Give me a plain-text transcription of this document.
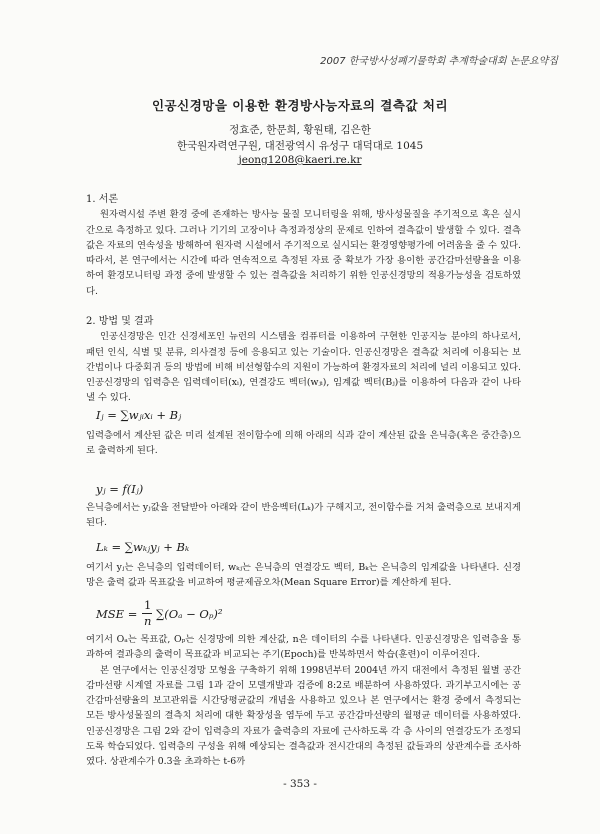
2007 한국방사성폐기물학회 추계학술대회 논문요약집
인공신경망을 이용한 환경방사능자료의 결측값 처리
정효준, 한문희, 황원태, 김은한
한국원자력연구원, 대전광역시 유성구 대덕대로 1045
jeong1208@kaeri.re.kr
1. 서론

원자력시설 주변 환경 중에 존재하는 방사능 물질 모니터링을 위해, 방사성물질을 주기적으로 혹은 실시간으로 측정하고 있다. 그러나 기기의 고장이나 측정과정상의 문제로 인하여 결측값이 발생할 수 있다. 결측값은 자료의 연속성을 방해하여 원자력 시설에서 주기적으로 실시되는 환경영향평가에 어려움을 줄 수 있다. 따라서, 본 연구에서는 시간에 따라 연속적으로 측정된 자료 중 확보가 가장 용이한 공간감마선량율을 이용하여 환경모니터링 과정 중에 발생할 수 있는 결측값을 처리하기 위한 인공신경망의 적용가능성을 검토하였다.

2. 방법 및 결과

인공신경망은 인간 신경세포인 뉴런의 시스템을 컴퓨터를 이용하여 구현한 인공지능 분야의 하나로서, 패턴 인식, 식별 및 분류, 의사결정 등에 응용되고 있는 기술이다. 인공신경망은 결측값 처리에 이용되는 보간법이나 다중회귀 등의 방법에 비해 비선형함수의 지원이 가능하여 환경자료의 처리에 널리 이용되고 있다. 인공신경망의 입력층은 입력데이터(xᵢ), 연결강도 벡터(wⱼᵢ), 임계값 벡터(Bⱼ)를 이용하여 다음과 같이 나타낼 수 있다.

Iⱼ = ∑wⱼᵢxᵢ + Bⱼ

입력층에서 계산된 값은 미리 설계된 전이함수에 의해 아래의 식과 같이 계산된 값을 은닉층(혹은 중간층)으로 출력하게 된다.

yⱼ = f(Iⱼ)

은닉층에서는 yⱼ값을 전달받아 아래와 같이 반응벡터(Lₖ)가 구해지고, 전이함수를 거쳐 출력층으로 보내지게 된다.

Lₖ = ∑wₖⱼyⱼ + Bₖ

여기서 yⱼ는 은닉층의 입력데이터, wₖⱼ는 은닉층의 연결강도 벡터, Bₖ는 은닉층의 임계값을 나타낸다. 신경망은 출력 값과 목표값을 비교하여 평균제곱오차(Mean Square Error)를 계산하게 된다.

MSE =
1
n ∑(Oₐ − Oₚ)²

여기서 Oₐ는 목표값, Oₚ는 신경망에 의한 계산값, n은 데이터의 수를 나타낸다. 인공신경망은 입력층을 통과하여 결과층의 출력이 목표값과 비교되는 주기(Epoch)를 반복하면서 학습(훈련)이 이루어진다.

본 연구에서는 인공신경망 모형을 구축하기 위해 1998년부터 2004년 까지 대전에서 측정된 월별 공간감마선량 시계열 자료를 그림 1과 같이 모델개발과 검증에 8:2로 배분하여 사용하였다. 과기부고시에는 공간감마선량율의 보고관위를 시간당평균값의 개념을 사용하고 있으나 본 연구에서는 환경 중에서 측정되는 모든 방사성물질의 결측치 처리에 대한 확장성을 염두에 두고 공간감마선량의 월평균 데이터를 사용하였다. 인공신경망은 그림 2와 같이 입력층의 자료가 출력층의 자료에 근사하도록 각 층 사이의 연결강도가 조정되도록 학습되었다. 입력층의 구성을 위해 예상되는 결측값과 전시간대의 측정된 값들과의 상관계수를 조사하였다. 상관계수가 0.3을 초과하는 t-6까

- 353 -
